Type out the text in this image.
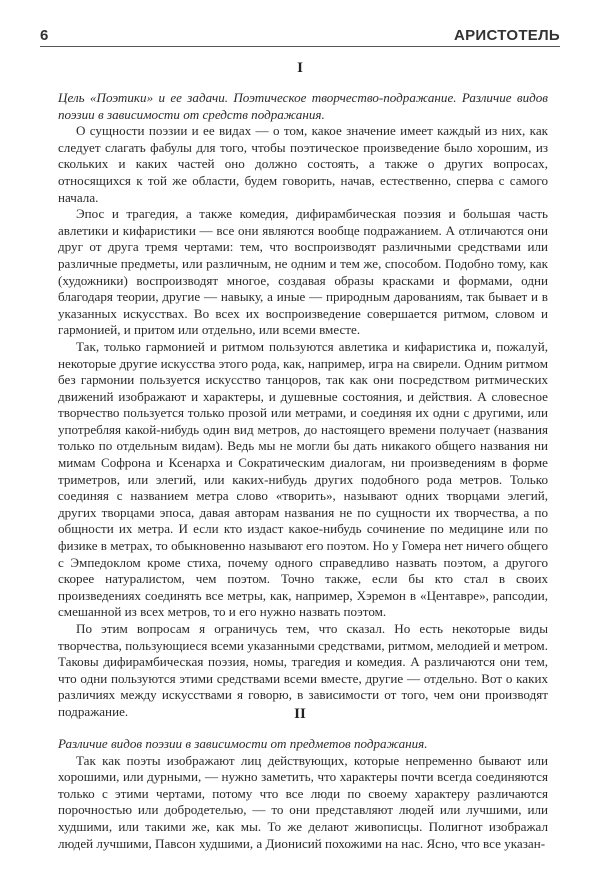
6	АРИСТОТЕЛЬ
I

Цель «Поэтики» и ее задачи. Поэтическое творчество-подражание. Различие видов поэзии в зависимости от средств подражания.

О сущности поэзии и ее видах — о том, какое значение имеет каждый из них, как следует слагать фабулы для того, чтобы поэтическое произведение было хорошим, из скольких и каких частей оно должно состоять, а также о других вопросах, относящихся к той же области, будем говорить, начав, естественно, сперва с самого начала.

Эпос и трагедия, а также комедия, дифирамбическая поэзия и большая часть авлетики и кифаристики — все они являются вообще подражанием. А отличаются они друг от друга тремя чертами: тем, что воспроизводят различными средствами или различные предметы, или различным, не одним и тем же, способом. Подобно тому, как (художники) воспроизводят многое, создавая образы красками и формами, одни благодаря теории, другие — навыку, а иные — природным дарованиям, так бывает и в указанных искусствах. Во всех их воспроизведение совершается ритмом, словом и гармонией, и притом или отдельно, или всеми вместе.

Так, только гармонией и ритмом пользуются авлетика и кифаристика и, пожалуй, некоторые другие искусства этого рода, как, например, игра на свирели. Одним ритмом без гармонии пользуется искусство танцоров, так как они посредством ритмических движений изображают и характеры, и душевные состояния, и действия. А словесное творчество пользуется только прозой или метрами, и соединяя их одни с другими, или употребляя какой-нибудь один вид метров, до настоящего времени получает (названия только по отдельным видам). Ведь мы не могли бы дать никакого общего названия ни мимам Софрона и Ксенарха и Сократическим диалогам, ни произведениям в форме триметров, или элегий, или каких-нибудь других подобного рода метров. Только соединяя с названием метра слово «творить», называют одних творцами элегий, других творцами эпоса, давая авторам названия не по сущности их творчества, а по общности их метра. И если кто издаст какое-нибудь сочинение по медицине или по физике в метрах, то обыкновенно называют его поэтом. Но у Гомера нет ничего общего с Эмпедоклом кроме стиха, почему одного справедливо назвать поэтом, а другого скорее натуралистом, чем поэтом. Точно также, если бы кто стал в своих произведениях соединять все метры, как, например, Хэремон в «Центавре», рапсодии, смешанной из всех метров, то и его нужно назвать поэтом.

По этим вопросам я ограничусь тем, что сказал. Но есть некоторые виды творчества, пользующиеся всеми указанными средствами, ритмом, мелодией и метром. Таковы дифирамбическая поэзия, номы, трагедия и комедия. А различаются они тем, что одни пользуются этими средствами всеми вместе, другие — отдельно. Вот о каких различиях между искусствами я говорю, в зависимости от того, чем они производят подражание.	II

Различие видов поэзии в зависимости от предметов подражания.

Так как поэты изображают лиц действующих, которые непременно бывают или хорошими, или дурными, — нужно заметить, что характеры почти всегда соединяются только с этими чертами, потому что все люди по своему характеру различаются порочностью или добродетелью, — то они представляют людей или лучшими, или худшими, или такими же, как мы. То же делают живописцы. Полигнот изображал людей лучшими, Павсон худшими, а Дионисий похожими на нас. Ясно, что все указан-
